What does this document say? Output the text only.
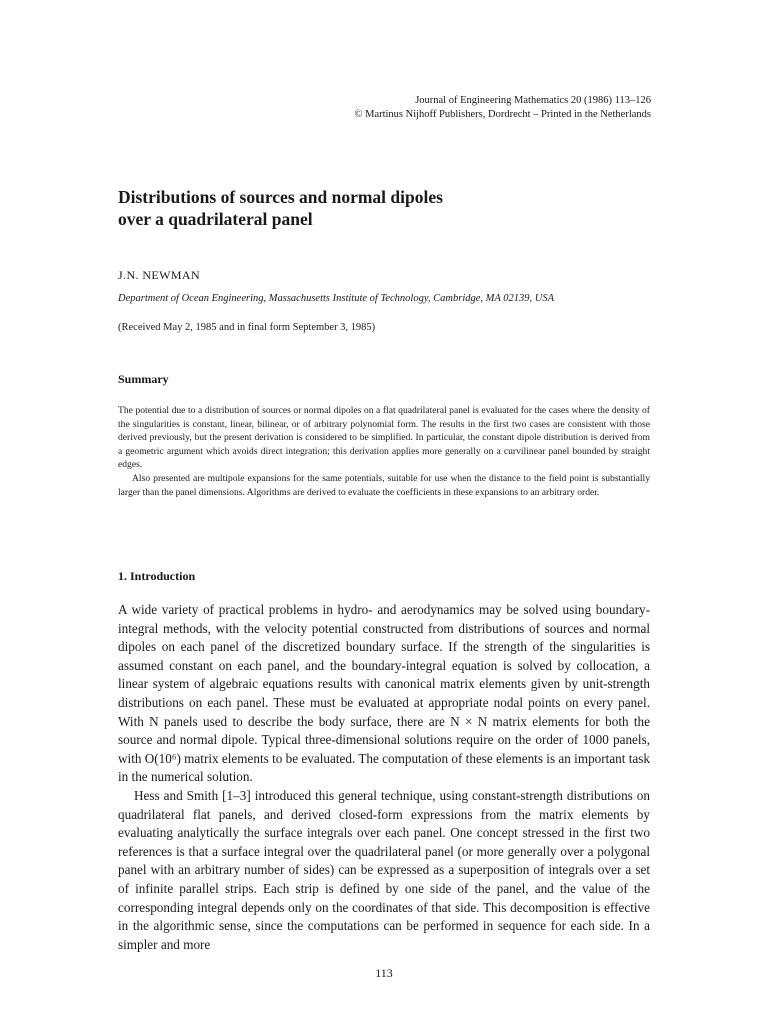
Journal of Engineering Mathematics 20 (1986) 113–126
© Martinus Nijhoff Publishers, Dordrecht – Printed in the Netherlands
Distributions of sources and normal dipoles
over a quadrilateral panel
J.N. NEWMAN
Department of Ocean Engineering, Massachusetts Institute of Technology, Cambridge, MA 02139, USA
(Received May 2, 1985 and in final form September 3, 1985)
Summary

The potential due to a distribution of sources or normal dipoles on a flat quadrilateral panel is evaluated for the cases where the density of the singularities is constant, linear, bilinear, or of arbitrary polynomial form. The results in the first two cases are consistent with those derived previously, but the present derivation is considered to be simplified. In particular, the constant dipole distribution is derived from a geometric argument which avoids direct integration; this derivation applies more generally on a curvilinear panel bounded by straight edges.

Also presented are multipole expansions for the same potentials, suitable for use when the distance to the field point is substantially larger than the panel dimensions. Algorithms are derived to evaluate the coefficients in these expansions to an arbitrary order.

1. Introduction

A wide variety of practical problems in hydro- and aerodynamics may be solved using boundary-integral methods, with the velocity potential constructed from distributions of sources and normal dipoles on each panel of the discretized boundary surface. If the strength of the singularities is assumed constant on each panel, and the boundary-integral equation is solved by collocation, a linear system of algebraic equations results with canonical matrix elements given by unit-strength distributions on each panel. These must be evaluated at appropriate nodal points on every panel. With N panels used to describe the body surface, there are N × N matrix elements for both the source and normal dipole. Typical three-dimensional solutions require on the order of 1000 panels, with O(10⁶) matrix elements to be evaluated. The computation of these elements is an important task in the numerical solution.

Hess and Smith [1–3] introduced this general technique, using constant-strength distributions on quadrilateral flat panels, and derived closed-form expressions from the matrix elements by evaluating analytically the surface integrals over each panel. One concept stressed in the first two references is that a surface integral over the quadrilateral panel (or more generally over a polygonal panel with an arbitrary number of sides) can be expressed as a superposition of integrals over a set of infinite parallel strips. Each strip is defined by one side of the panel, and the value of the corresponding integral depends only on the coordinates of that side. This decomposition is effective in the algorithmic sense, since the computations can be performed in sequence for each side. In a simpler and more

113
